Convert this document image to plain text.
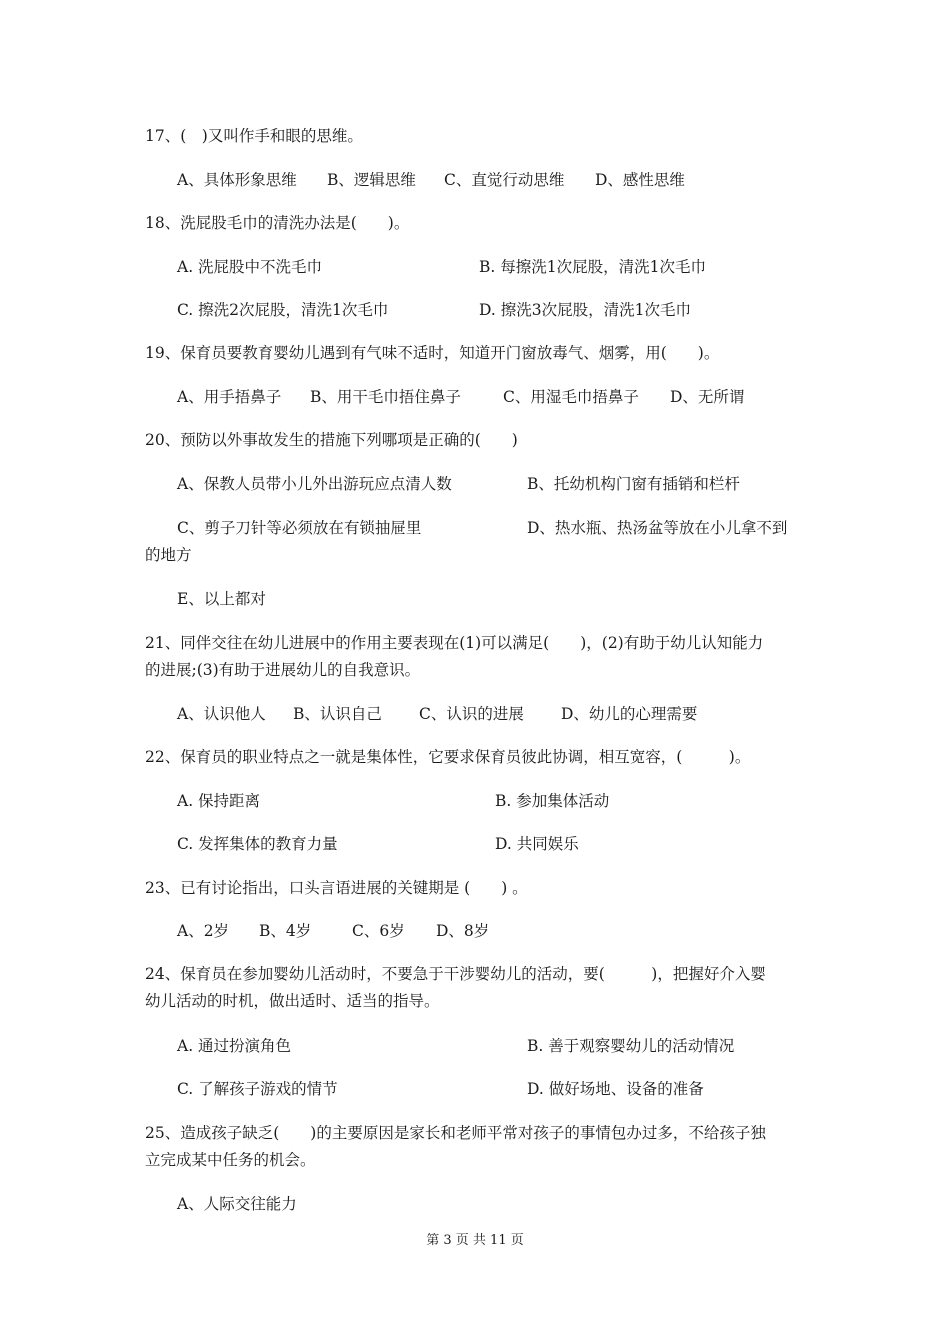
17、(　)又叫作手和眼的思维。
A、具体形象思维 B、逻辑思维 C、直觉行动思维 D、感性思维
18、洗屁股毛巾的清洗办法是(　　)。
A. 洗屁股中不洗毛巾	B. 每擦洗1次屁股，清洗1次毛巾
C. 擦洗2次屁股，清洗1次毛巾	D. 擦洗3次屁股，清洗1次毛巾
19、保育员要教育婴幼儿遇到有气味不适时，知道开门窗放毒气、烟雾，用(　　)。
A、用手捂鼻子 B、用干毛巾捂住鼻子	C、用湿毛巾捂鼻子 D、无所谓
20、预防以外事故发生的措施下列哪项是正确的(　　)
A、保教人员带小儿外出游玩应点清人数	B、托幼机构门窗有插销和栏杆
C、剪子刀针等必须放在有锁抽屉里	D、热水瓶、热汤盆等放在小儿拿不到
的地方
E、以上都对
21、同伴交往在幼儿进展中的作用主要表现在(1)可以满足(　　)，(2)有助于幼儿认知能力
的进展;(3)有助于进展幼儿的自我意识。
A、认识他人 B、认识自己 C、认识的进展 D、幼儿的心理需要
22、保育员的职业特点之一就是集体性，它要求保育员彼此协调，相互宽容，(　　　)。
A. 保持距离	B. 参加集体活动
C. 发挥集体的教育力量	D. 共同娱乐
23、已有讨论指出，口头言语进展的关键期是 (　　) 。
A、2岁 B、4岁	C、6岁 D、8岁
24、保育员在参加婴幼儿活动时，不要急于干涉婴幼儿的活动，要(　　　)，把握好介入婴
幼儿活动的时机，做出适时、适当的指导。
A. 通过扮演角色	B. 善于观察婴幼儿的活动情况
C. 了解孩子游戏的情节	D. 做好场地、设备的准备
25、造成孩子缺乏(　　)的主要原因是家长和老师平常对孩子的事情包办过多，不给孩子独
立完成某中任务的机会。
A、人际交往能力
第 3 页 共 11 页
